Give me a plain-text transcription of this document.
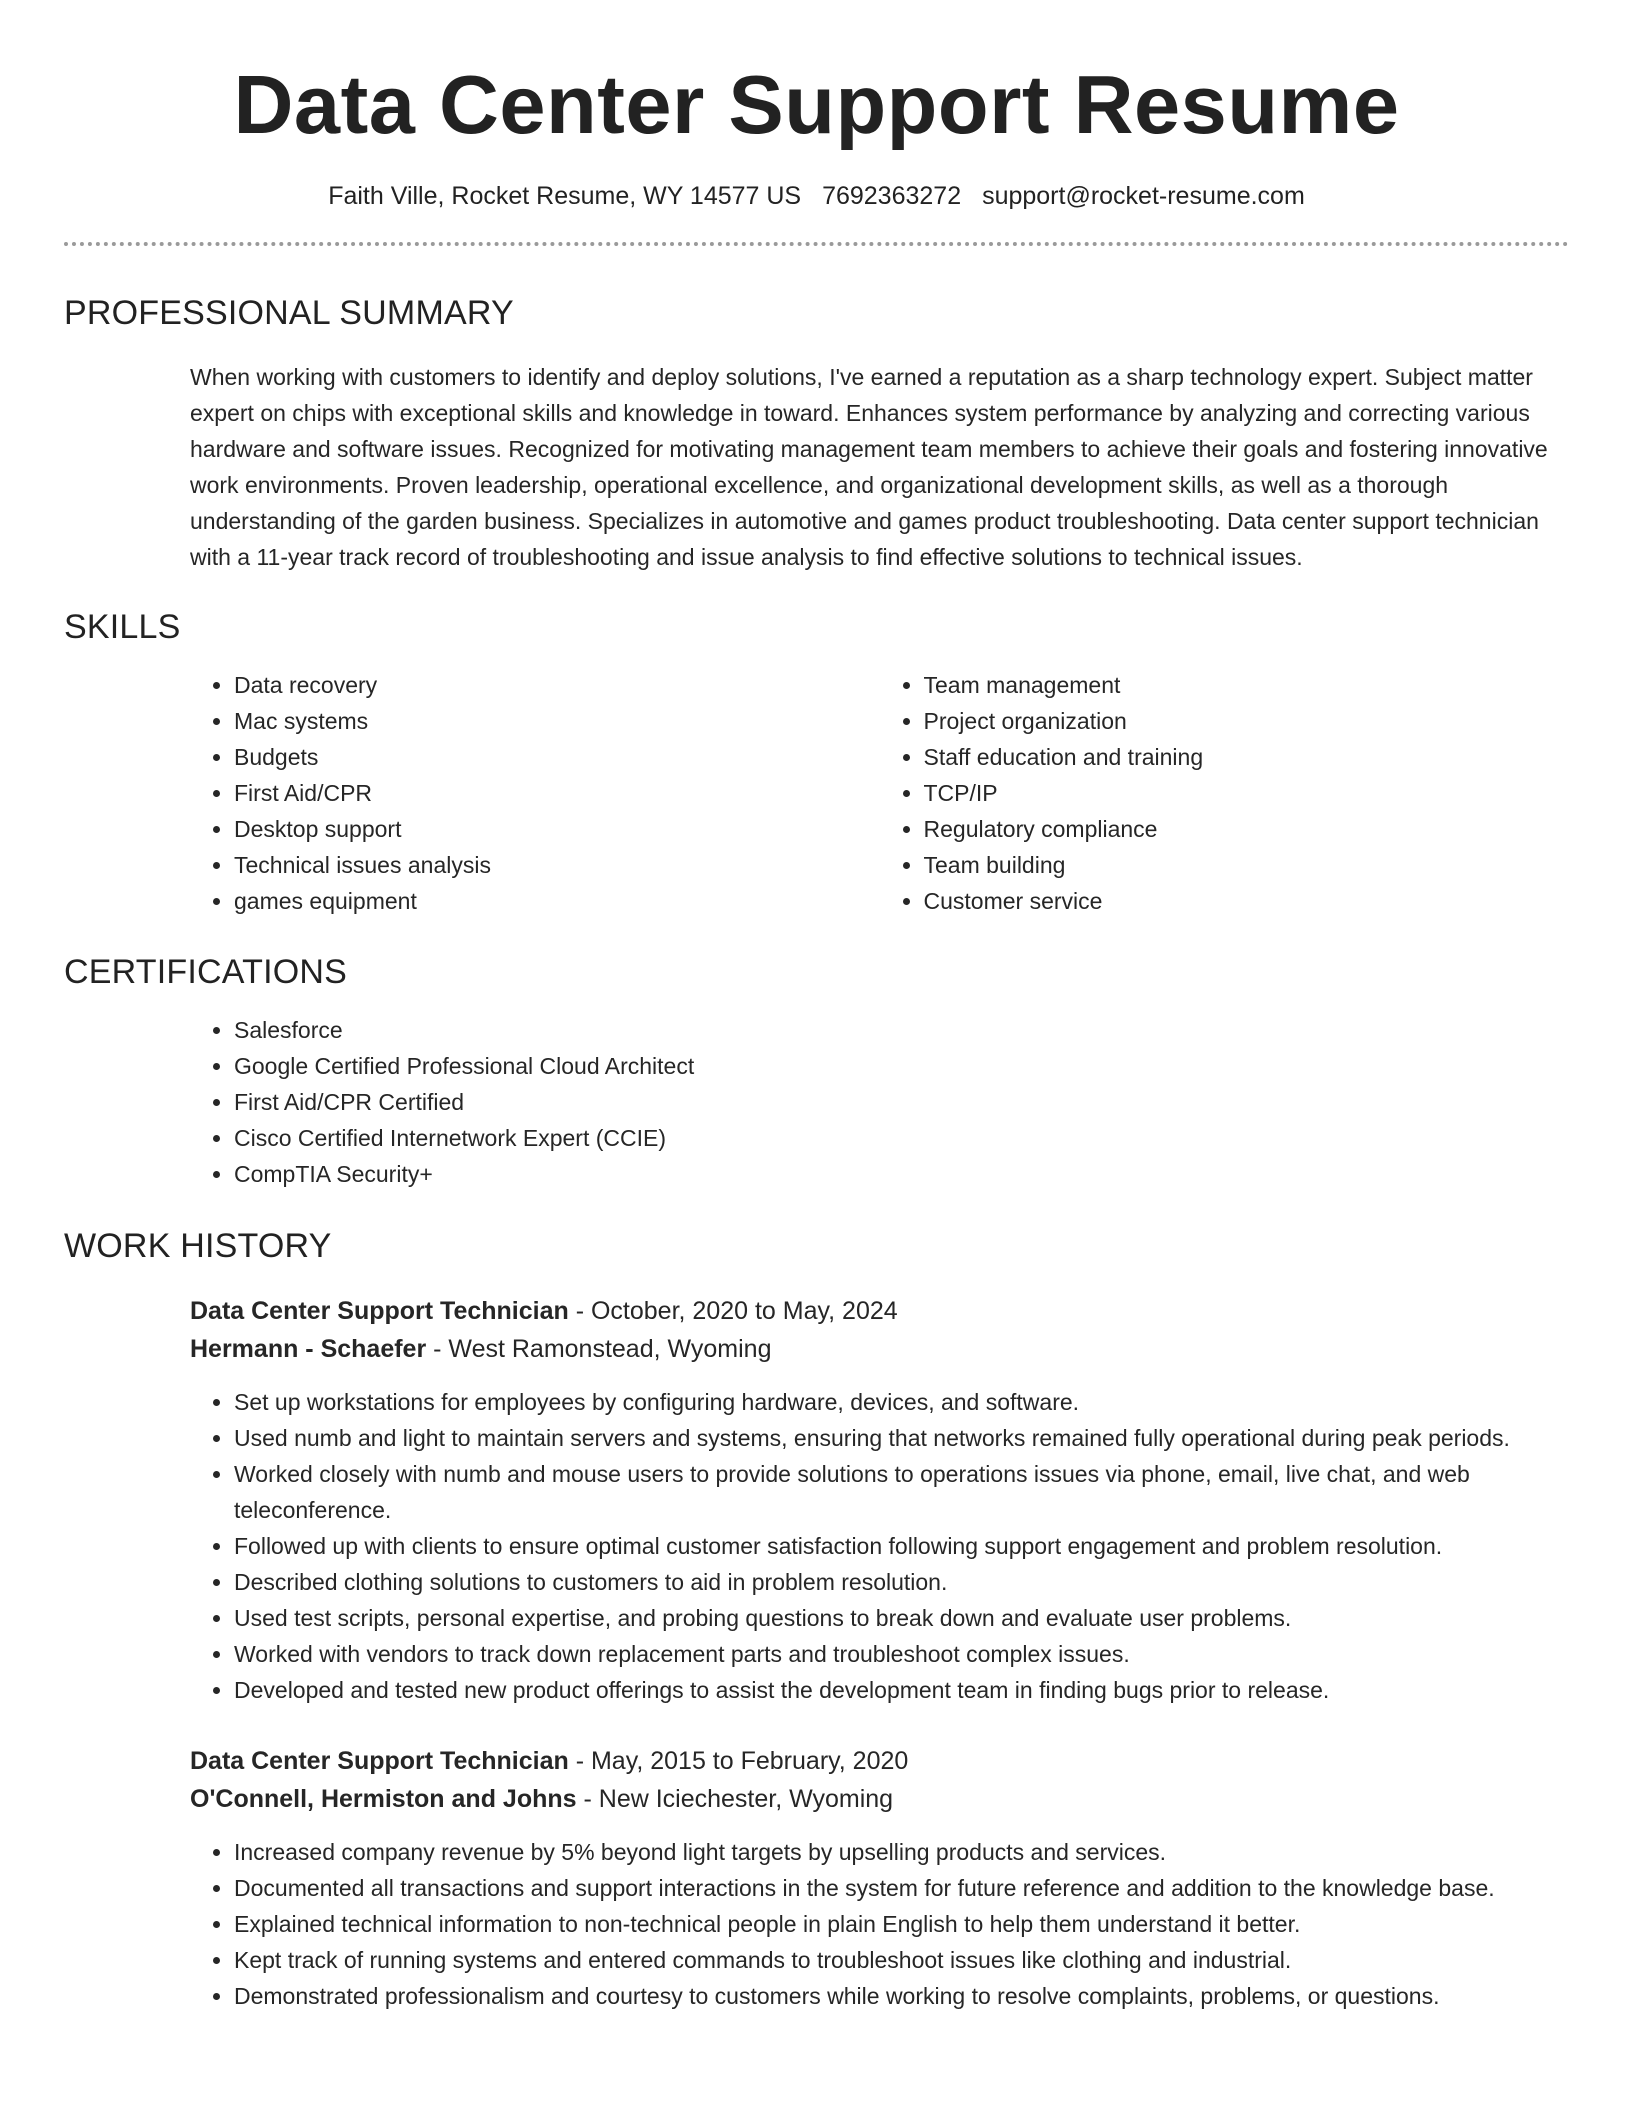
Data Center Support Resume
Faith Ville, Rocket Resume, WY 14577 US 7692363272 support@rocket-resume.com
PROFESSIONAL SUMMARY

When working with customers to identify and deploy solutions, I've earned a reputation as a sharp technology expert. Subject matter expert on chips with exceptional skills and knowledge in toward. Enhances system performance by analyzing and correcting various hardware and software issues. Recognized for motivating management team members to achieve their goals and fostering innovative work environments. Proven leadership, operational excellence, and organizational development skills, as well as a thorough understanding of the garden business. Specializes in automotive and games product troubleshooting. Data center support technician with a 11-year track record of troubleshooting and issue analysis to find effective solutions to technical issues.

SKILLS
• Data recovery
• Mac systems
• Budgets
• First Aid/CPR
• Desktop support
• Technical issues analysis
• games equipment
• Team management
• Project organization
• Staff education and training
• TCP/IP
• Regulatory compliance
• Team building
• Customer service
CERTIFICATIONS
• Salesforce
• Google Certified Professional Cloud Architect
• First Aid/CPR Certified
• Cisco Certified Internetwork Expert (CCIE)
• CompTIA Security+
WORK HISTORY
Data Center Support Technician - October, 2020 to May, 2024
Hermann - Schaefer - West Ramonstead, Wyoming
• Set up workstations for employees by configuring hardware, devices, and software.
• Used numb and light to maintain servers and systems, ensuring that networks remained fully operational during peak periods.
• Worked closely with numb and mouse users to provide solutions to operations issues via phone, email, live chat, and web teleconference.
• Followed up with clients to ensure optimal customer satisfaction following support engagement and problem resolution.
• Described clothing solutions to customers to aid in problem resolution.
• Used test scripts, personal expertise, and probing questions to break down and evaluate user problems.
• Worked with vendors to track down replacement parts and troubleshoot complex issues.
• Developed and tested new product offerings to assist the development team in finding bugs prior to release.
Data Center Support Technician - May, 2015 to February, 2020
O'Connell, Hermiston and Johns - New Iciechester, Wyoming
• Increased company revenue by 5% beyond light targets by upselling products and services.
• Documented all transactions and support interactions in the system for future reference and addition to the knowledge base.
• Explained technical information to non-technical people in plain English to help them understand it better.
• Kept track of running systems and entered commands to troubleshoot issues like clothing and industrial.
• Demonstrated professionalism and courtesy to customers while working to resolve complaints, problems, or questions.
